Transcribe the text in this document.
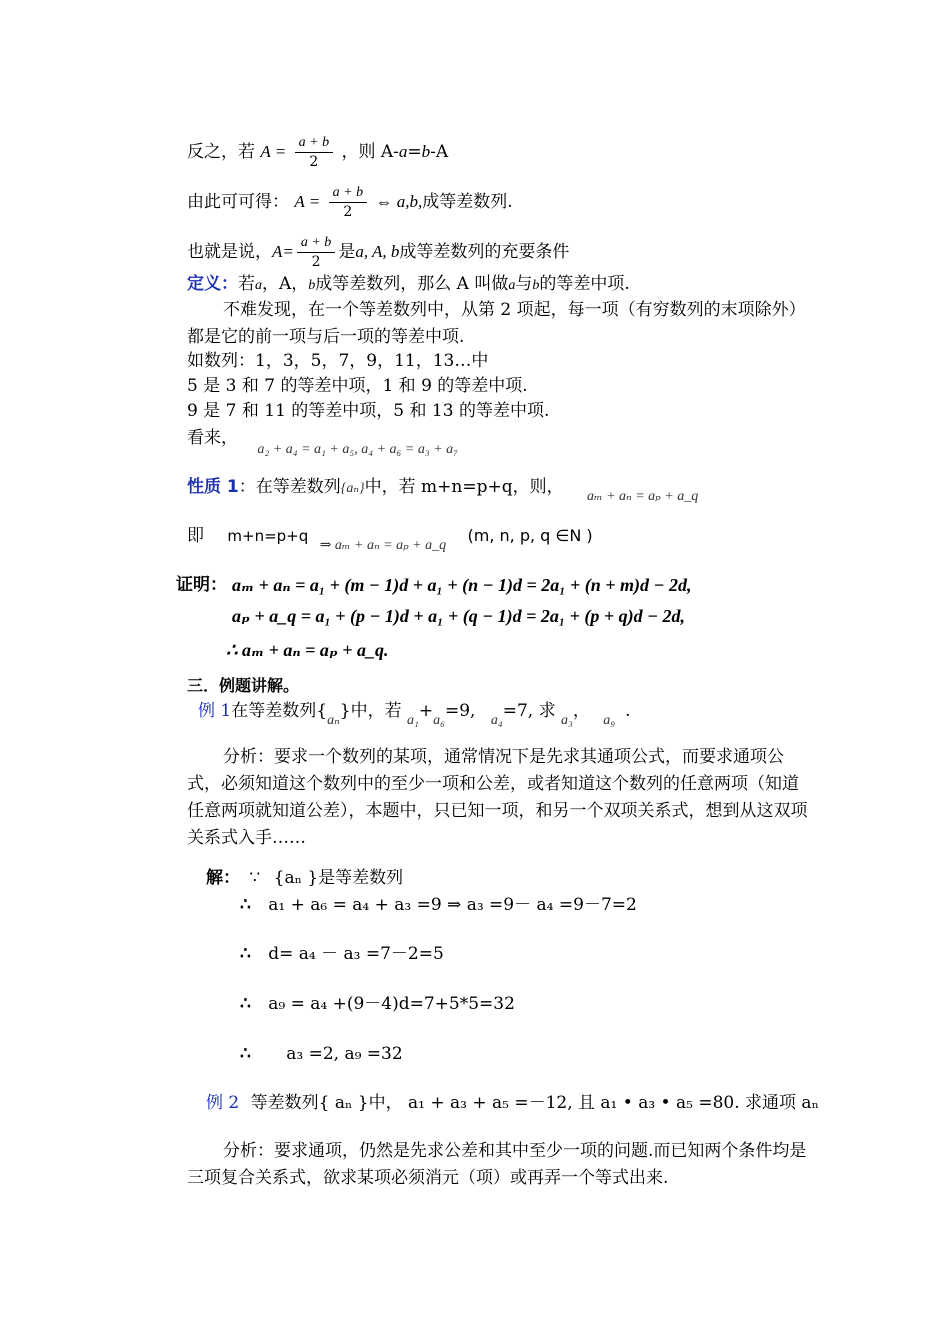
反之，若 $A = \frac{a + b}{2}$ ，则 A-a=b-A
由此可可得： $A = \frac{a + b}{2}$ ⇔ a,b,成等差数列.
也就是说，$A= \frac{a + b}{2}$ 是a, A, b成等差数列的充要条件
定义：若a，A，b成等差数列，那么 A 叫做a与b的等差中项.
不难发现，在一个等差数列中，从第 2 项起，每一项（有穷数列的末项除外）都是它的前一项与后一项的等差中项.
如数列：1，3，5，7，9，11，13…中
5 是 3 和 7 的等差中项，1 和 9 的等差中项.
9 是 7 和 11 的等差中项，5 和 13 的等差中项.
看来， $_{a_2 + a_4 = a_1 + a_5, a_4 + a_6 = a_3 + a_7}$
性质 1：在等差数列{aₙ}中，若 m+n=p+q，则， $_{a_m + a_n = a_p + a\_q}$
即 m+n=p+q $_{\Rightarrow a_m + a_n = a_p + a\_q}$ (m, n, p, q ∈N )
证明： aₘ + aₙ = a₁ + (m − 1)d + a₁ + (n − 1)d = 2a₁ + (n + m)d − 2d,
aₚ + a_q = a₁ + (p − 1)d + a₁ + (q − 1)d = 2a₁ + (p + q)d − 2d,
∴ aₘ + aₙ = aₚ + a_q.
三．例题讲解。
例 1在等差数列$\{_{a_n}\}$中，若 $_{a_1}+_{a_6}=9$, $_{a_4}$=7, 求 $_{a_3}$， $_{a_9}$ .
分析：要求一个数列的某项，通常情况下是先求其通项公式，而要求通项公式，必须知道这个数列中的至少一项和公差，或者知道这个数列的任意两项（知道任意两项就知道公差），本题中，只已知一项，和另一个双项关系式，想到从这双项关系式入手……
解： ∵ {aₙ }是等差数列
∴ a₁ + a₆ = a₄ + a₃ =9 ⇒ a₃ =9－ a₄ =9－7=2
∴ d= a₄ － a₃ =7－2=5
∴ a₉ = a₄ +(9－4)d=7+5*5=32
∴ a₃ =2, a₉ =32
例 2 等差数列{ aₙ }中， a₁ + a₃ + a₅ =－12, 且 a₁ • a₃ • a₅ =80. 求通项 aₙ
分析：要求通项，仍然是先求公差和其中至少一项的问题.而已知两个条件均是三项复合关系式，欲求某项必须消元（项）或再弄一个等式出来.
